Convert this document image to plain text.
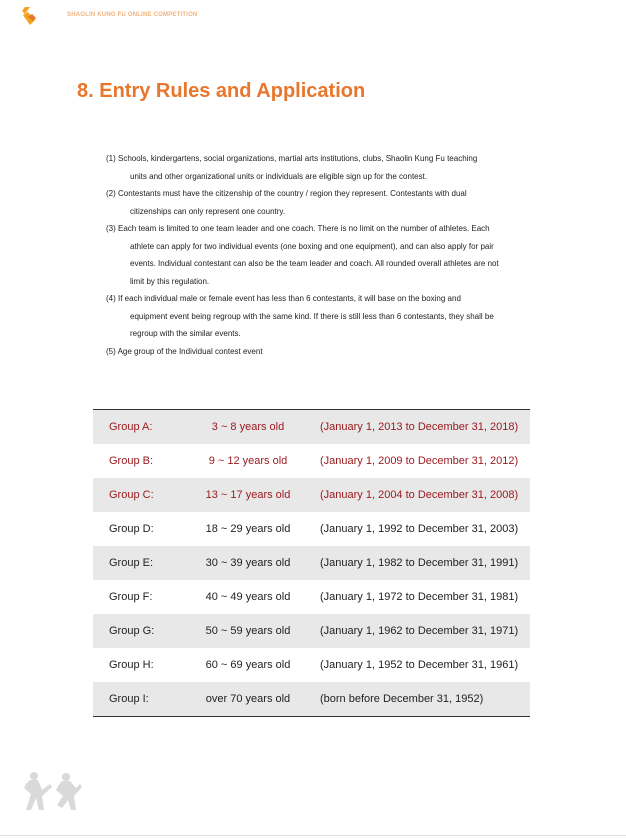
SHAOLIN KUNG FU ONLINE COMPETITION
8. Entry Rules and Application
(1) Schools, kindergartens, social organizations, martial arts institutions, clubs, Shaolin Kung Fu teaching
units and other organizational units or individuals are eligible sign up for the contest.
(2) Contestants must have the citizenship of the country / region they represent. Contestants with dual
citizenships can only represent one country.
(3) Each team is limited to one team leader and one coach. There is no limit on the number of athletes. Each
athlete can apply for two individual events (one boxing and one equipment), and can also apply for pair
events. Individual contestant can also be the team leader and coach. All rounded overall athletes are not
limit by this regulation.
(4) If each individual male or female event has less than 6 contestants, it will base on the boxing and
equipment event being regroup with the same kind. If there is still less than 6 contestants, they shall be
regroup with the similar events.
(5) Age group of the Individual contest event
Group A:	3 ~ 8 years old	(January 1, 2013 to December 31, 2018)
Group B:	9 ~ 12 years old	(January 1, 2009 to December 31, 2012)
Group C:	13 ~ 17 years old	(January 1, 2004 to December 31, 2008)
Group D:	18 ~ 29 years old	(January 1, 1992 to December 31, 2003)
Group E:	30 ~ 39 years old	(January 1, 1982 to December 31, 1991)
Group F:	40 ~ 49 years old	(January 1, 1972 to December 31, 1981)
Group G:	50 ~ 59 years old	(January 1, 1962 to December 31, 1971)
Group H:	60 ~ 69 years old	(January 1, 1952 to December 31, 1961)
Group I:	over 70 years old	(born before December 31, 1952)
